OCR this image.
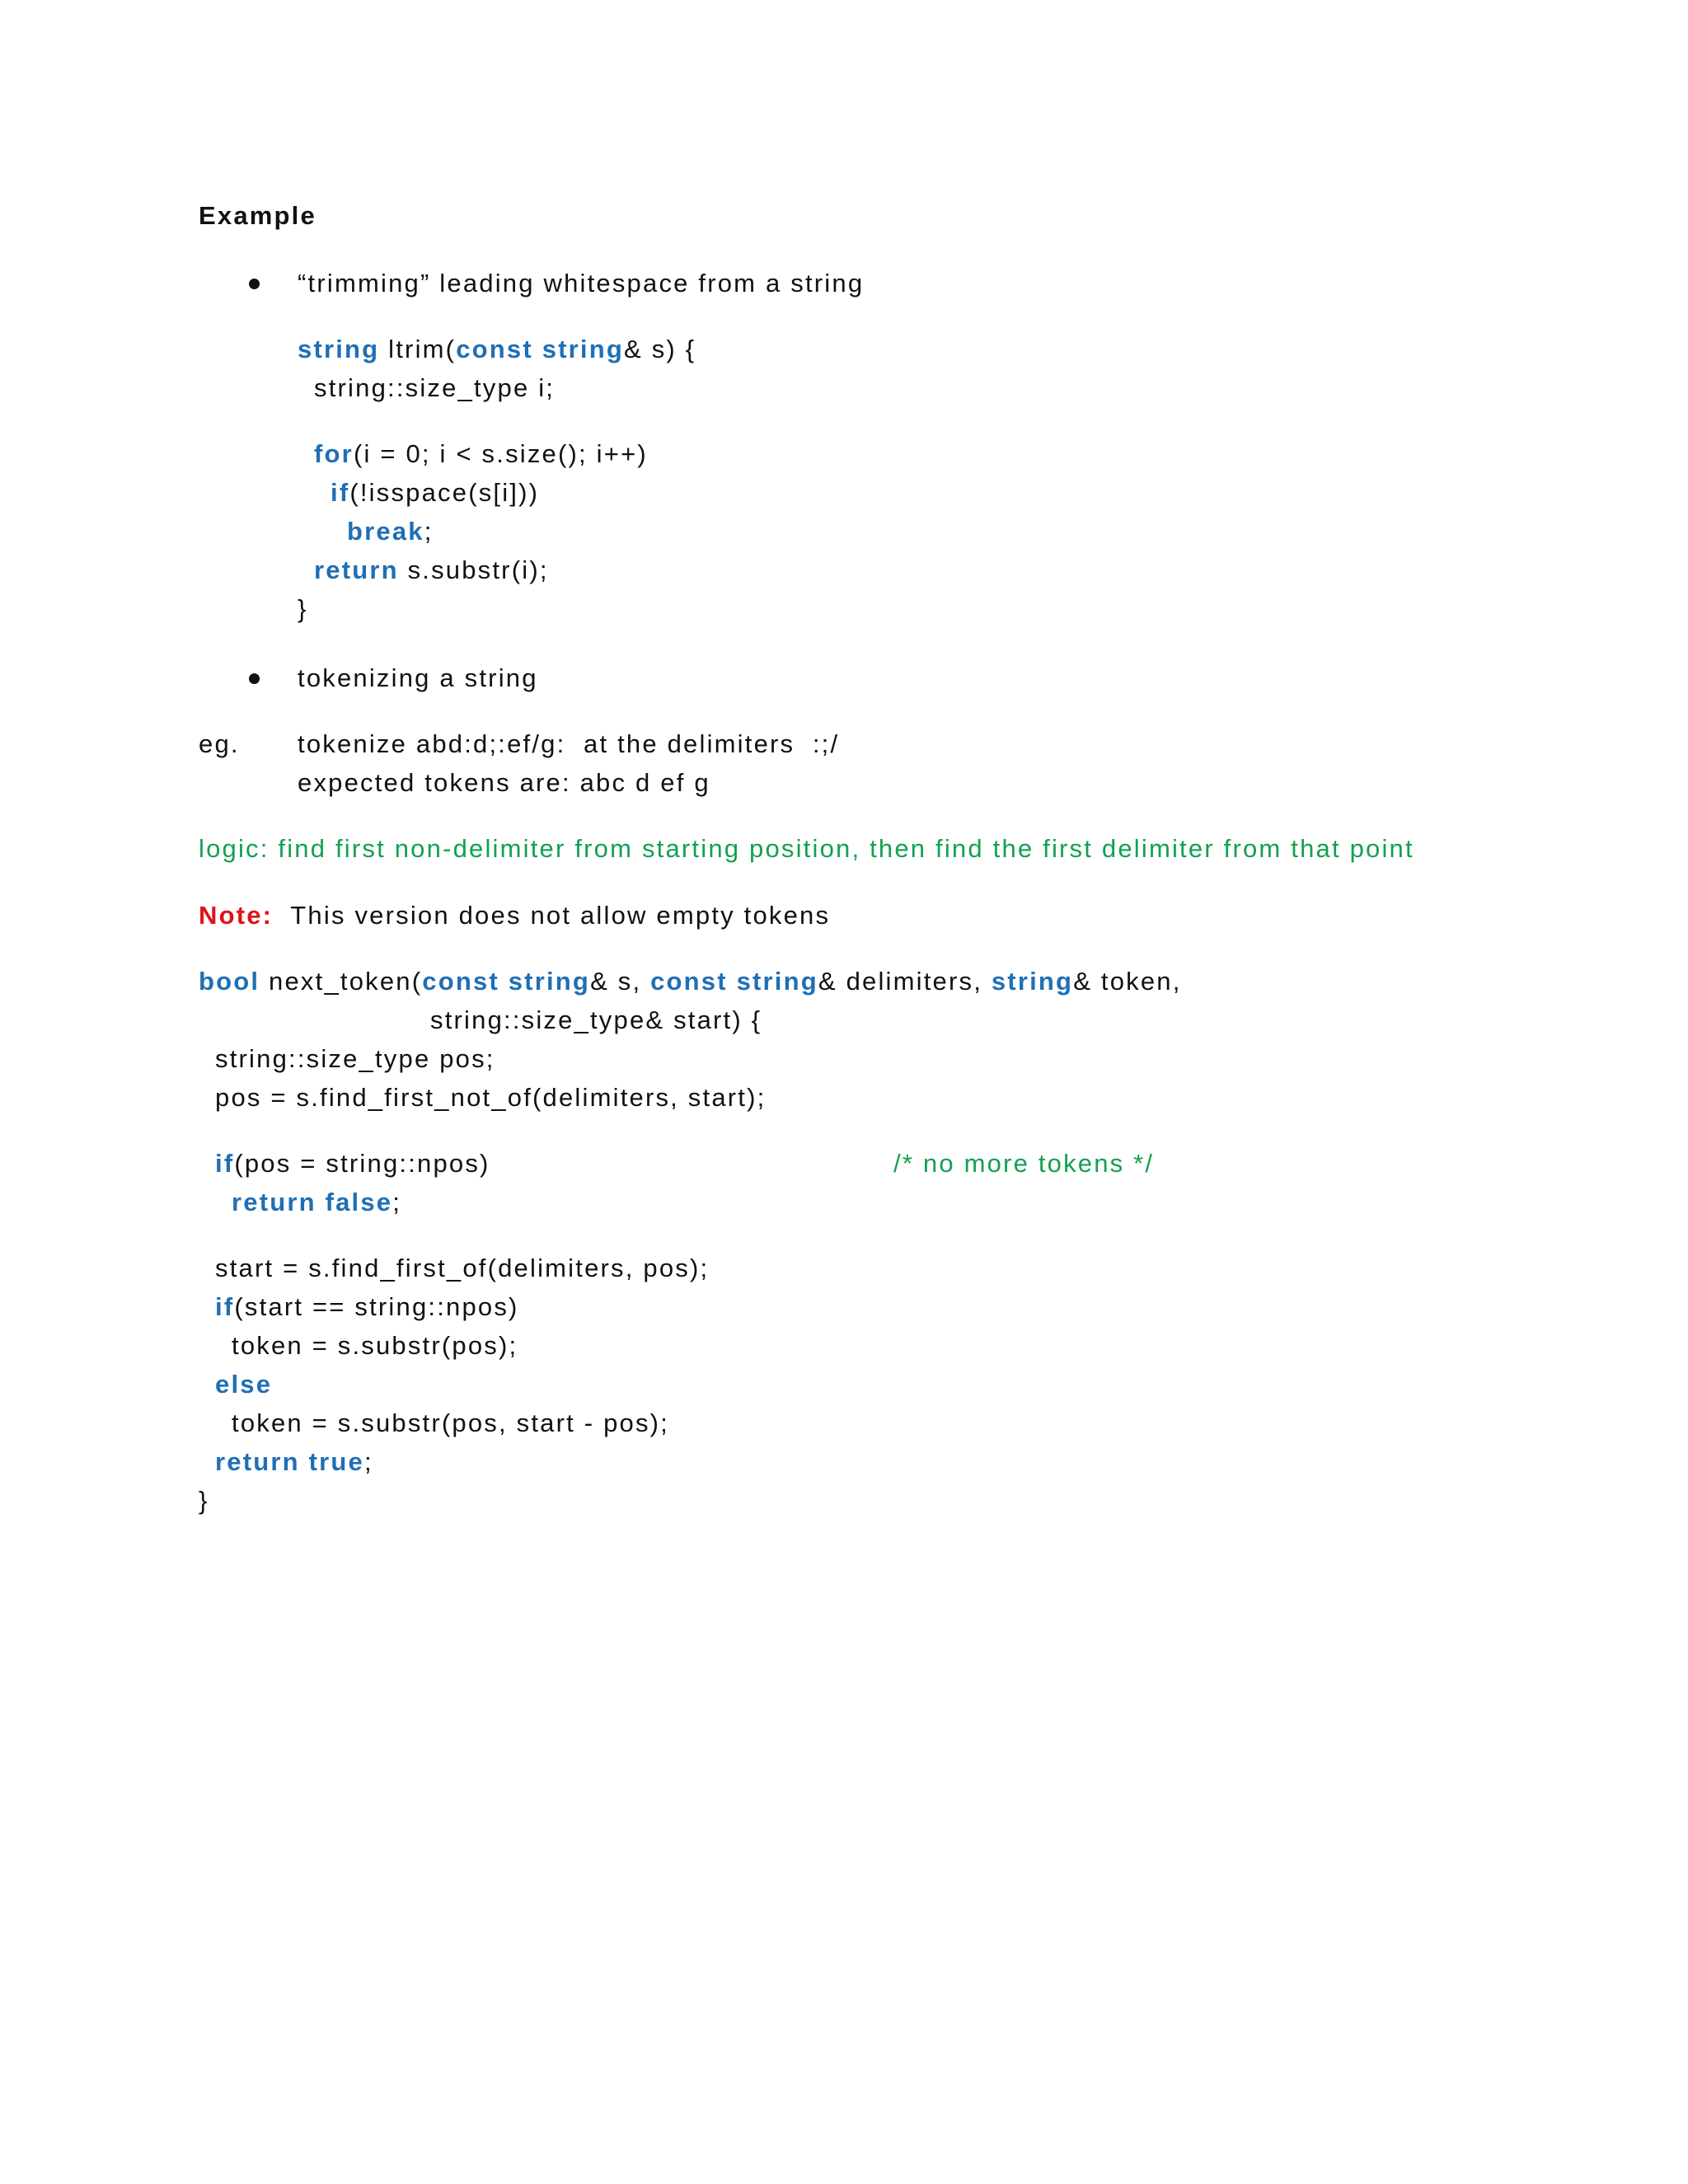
Example
“trimming” leading whitespace from a string
string ltrim(const string& s) {
string::size_type i;
for(i = 0; i < s.size(); i++)
if(!isspace(s[i]))
break;
return s.substr(i);
}
tokenizing a string
eg. tokenize abd:d;:ef/g:  at the delimiters  :;/
expected tokens are: abc d ef g
logic: find first non-delimiter from starting position, then find the first delimiter from that point
Note: This version does not allow empty tokens
bool next_token(const string& s, const string& delimiters, string& token,
string::size_type& start) {
string::size_type pos;
pos = s.find_first_not_of(delimiters, start);
if(pos = string::npos)	/* no more tokens */
return false;
start = s.find_first_of(delimiters, pos);
if(start == string::npos)
token = s.substr(pos);
else
token = s.substr(pos, start - pos);
return true;
}
